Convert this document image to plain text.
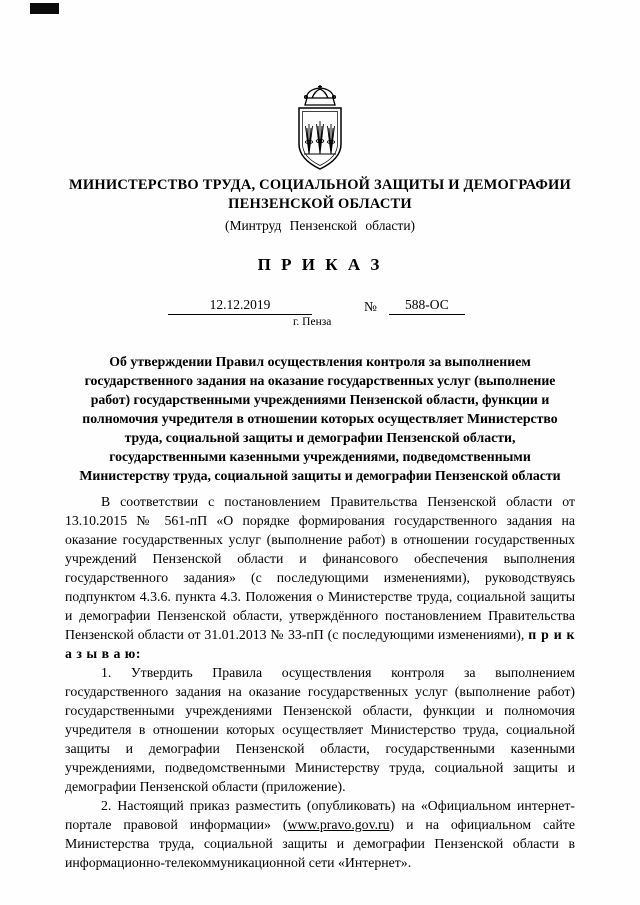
МИНИСТЕРСТВО ТРУДА, СОЦИАЛЬНОЙ ЗАЩИТЫ И ДЕМОГРАФИИ
ПЕНЗЕНСКОЙ ОБЛАСТИ
(Минтруд Пензенской области)
П Р И К А З
12.12.2019	№	588-ОС
г. Пенза
Об утверждении Правил осуществления контроля за выполнением государственного задания на оказание государственных услуг (выполнение работ) государственными учреждениями Пензенской области, функции и полномочия учредителя в отношении которых осуществляет Министерство труда, социальной защиты и демографии Пензенской области, государственными казенными учреждениями, подведомственными Министерству труда, социальной защиты и демографии Пензенской области

В соответствии с постановлением Правительства Пензенской области от 13.10.2015 № 561-пП «О порядке формирования государственного задания на оказание государственных услуг (выполнение работ) в отношении государственных учреждений Пензенской области и финансового обеспечения выполнения государственного задания» (с последующими изменениями), руководствуясь подпунктом 4.3.6. пункта 4.3. Положения о Министерстве труда, социальной защиты и демографии Пензенской области, утверждённого постановлением Правительства Пензенской области от 31.01.2013 № 33-пП (с последующими изменениями), п р и к а з ы в а ю:

1. Утвердить Правила осуществления контроля за выполнением государственного задания на оказание государственных услуг (выполнение работ) государственными учреждениями Пензенской области, функции и полномочия учредителя в отношении которых осуществляет Министерство труда, социальной защиты и демографии Пензенской области, государственными казенными учреждениями, подведомственными Министерству труда, социальной защиты и демографии Пензенской области (приложение).

2. Настоящий приказ разместить (опубликовать) на «Официальном интернет-портале правовой информации» (www.pravo.gov.ru) и на официальном сайте Министерства труда, социальной защиты и демографии Пензенской области в информационно-телекоммуникационной сети «Интернет».
